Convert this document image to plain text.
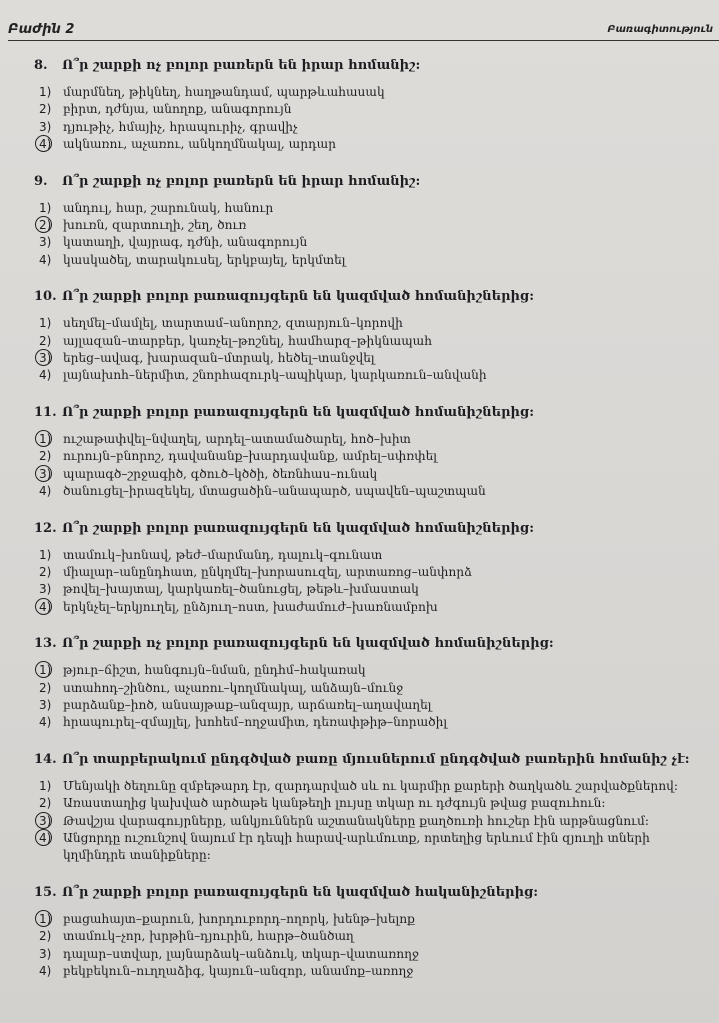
Բաժին 2	Բառագիտություն
8. Ո՞ր շարքի ոչ բոլոր բառերն են իրար հոմանիշ:
1) մարմնեղ, թիկնեղ, հաղթանդամ, պարթևահասակ
2) բիրտ, դժնյա, անողոք, անագորույն
3) դյութիչ, հմայիչ, հրապուրիչ, գրավիչ
4) ակնառու, աչառու, անկողմնակալ, արդար
9. Ո՞ր շարքի ոչ բոլոր բառերն են իրար հոմանիշ:
1) անդուլ, հար, շարունակ, հանուր
2) խուռն, զարտուղի, շեղ, ծուռ
3) կատաղի, վայրագ, դժնի, անագորույն
4) կասկածել, տարակուսել, երկբայել, երկմտել
10. Ո՞ր շարքի բոլոր բառազույգերն են կազմված հոմանիշներից:
1) սեղմել–մամլել, տարտամ–անորոշ, զտարյուն–կորովի
2) այլազան–տարբեր, կառչել–թոշնել, համհարզ–թիկնապահ
3) երեց–ավագ, խարազան–մտրակ, հեծել–տանջվել
4) լայնախոհ–ներմիտ, շնորհազուրկ–ապիկար, կարկառուն–անվանի
11. Ո՞ր շարքի բոլոր բառազույգերն են կազմված հոմանիշներից:
1) ուշաթափվել–նվաղել, արդել–ատամածարել, հոծ–խիտ
2) ուրույն–բնորոշ, դավանանք–խարդավանք, ամրել–սփռփել
3) պարագծ–շրջագիծ, գծուծ–կծծի, ծեռնհաս–ունակ
4) ծանուցել–իրազեկել, մտացածին–անապարծ, սպավեն–պաշտպան
12. Ո՞ր շարքի բոլոր բառազույգերն են կազմված հոմանիշներից:
1) տամուկ–խոնավ, թեժ–մարմանդ, դալուկ–գունատ
2) միալար–անընդհատ, ընկղմել–խորասուզել, արտառոց–անփորձ
3) թովել–խայտալ, կարկառել–ծանուցել, թեթև–խմաստակ
4) երկնչել–երկյուղել, ընձյուղ–ոստ, խաժամուժ–խառնամբոխ
13. Ո՞ր շարքի ոչ բոլոր բառազույգերն են կազմված հոմանիշներից:
1) թյուր–ճիշտ, հանգույն–նման, ընդհմ–հակառակ
2) ստահոդ–շինծու, աչառու–կողմնակալ, անձայն–մունջ
3) բարձանք–իոծ, անսայթաք–անզայր, արճառել–աղավաղել
4) հրապուրել–զմայլել, խոհեմ–ողջամիտ, դեռափթիթ–նորածիլ
14. Ո՞ր տարբերակում ընդգծված բառը մյուսներում ընդգծված բառերին հոմանիշ չէ:
1) Մենյակի ծեղունը զմբեթարդ էր, զարդարված սև ու կարմիր քարերի ծաղկածև շարվածքներով:
2) Առաստաղից կախված արծաթե կանթեղի լույսը տկար ու դժգույն թվաց բազուհուն:
3) Թավշյա վարագույրները, անկյուններն աշտանակները քաղծուռի հուշեր էին արթնացնում:
4) Անցորդը ուշունշով նայում էր դեպի հարավ-արևմուտք, որտեղից երևում էին զյուղի տների կղմինդրե տանիքները:
15. Ո՞ր շարքի բոլոր բառազույգերն են կազմված հականիշներից:
1) բացահայտ–քարուն, խորդուբորդ–ողորկ, խենթ–խելոք
2) տամուկ–չոր, խրթին–դյուրին, հարթ–ծանծաղ
3) դալար–ստվար, լայնարձակ–անձուկ, տկար–վատառողջ
4) բեկբեկուն–ուղղաձիգ, կայուն–անզոր, անամոք–առողջ
